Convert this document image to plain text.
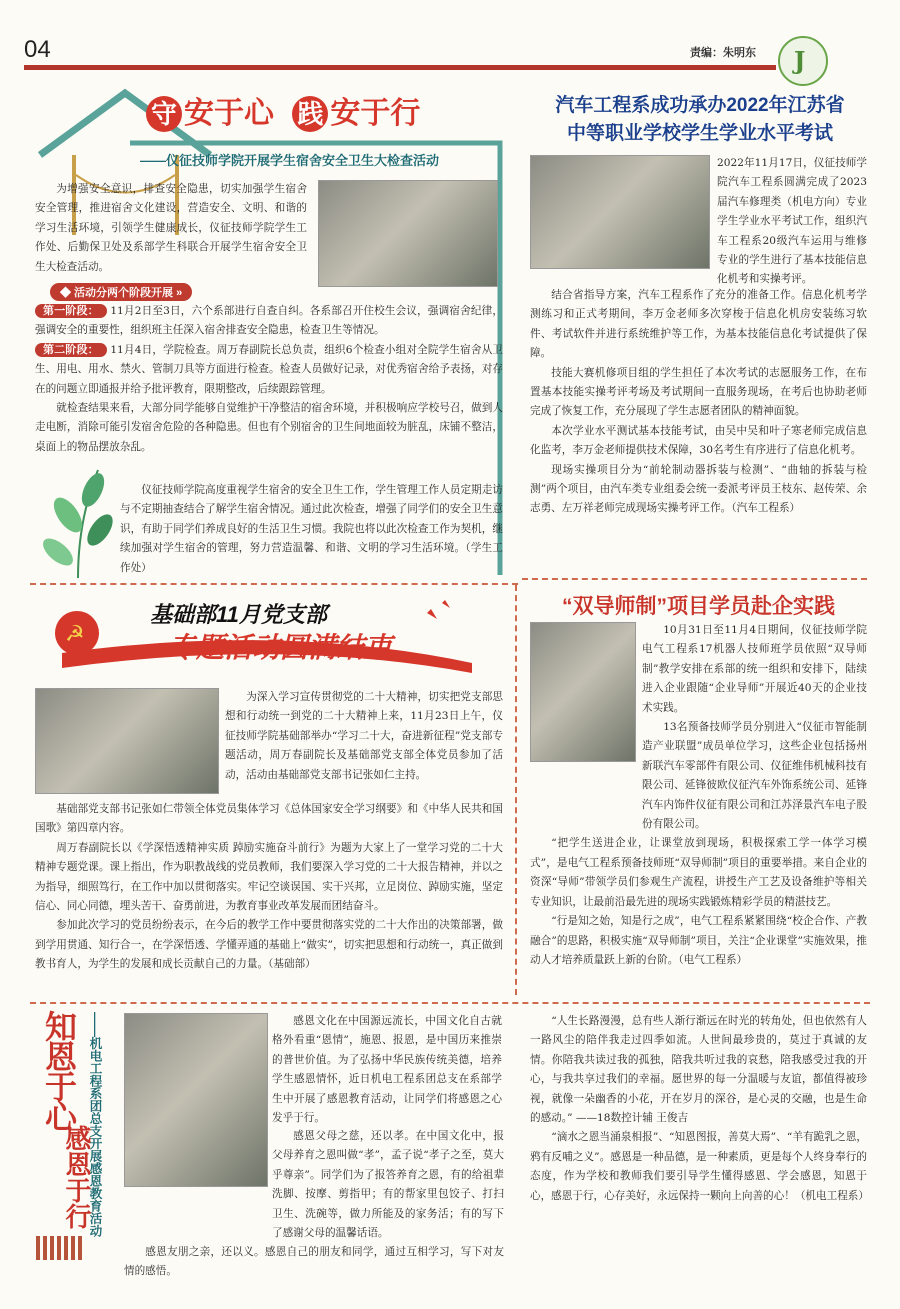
04	责编：朱明东 J
守 安于心 践 安于行
——仪征技师学院开展学生宿舍安全卫生大检查活动

为增强安全意识，排查安全隐患，切实加强学生宿舍安全管理，推进宿舍文化建设，营造安全、文明、和谐的学习生活环境，引领学生健康成长，仪征技师学院学生工作处、后勤保卫处及系部学生科联合开展学生宿舍安全卫生大检查活动。

◆ 活动分两个阶段开展 »

第一阶段： 11月2日至3日，六个系部进行自查自纠。各系部召开住校生会议，强调宿舍纪律，强调安全的重要性，组织班主任深入宿舍排查安全隐患，检查卫生等情况。

第二阶段： 11月4日，学院检查。周万春副院长总负责，组织6个检查小组对全院学生宿舍从卫生、用电、用水、禁火、管制刀具等方面进行检查。检查人员做好记录，对优秀宿舍给予表扬，对存在的问题立即通报并给予批评教育，限期整改，后续跟踪管理。

就检查结果来看，大部分同学能够自觉维护干净整洁的宿舍环境，并积极响应学校号召，做到人走电断，消除可能引发宿舍危险的各种隐患。但也有个别宿舍的卫生间地面较为脏乱，床铺不整洁，桌面上的物品摆放杂乱。

仪征技师学院高度重视学生宿舍的安全卫生工作，学生管理工作人员定期走访与不定期抽查结合了解学生宿舍情况。通过此次检查，增强了同学们的安全卫生意识，有助于同学们养成良好的生活卫生习惯。我院也将以此次检查工作为契机，继续加强对学生宿舍的管理，努力营造温馨、和谐、文明的学习生活环境。（学生工作处）

汽车工程系成功承办2022年江苏省
中等职业学校学生学业水平考试

2022年11月17日，仪征技师学院汽车工程系圆满完成了2023届汽车修理类（机电方向）专业学生学业水平考试工作，组织汽车工程系20级汽车运用与维修专业的学生进行了基本技能信息化机考和实操考评。

结合省指导方案，汽车工程系作了充分的准备工作。信息化机考学测练习和正式考期间，李万金老师多次穿梭于信息化机房安装练习软件、考试软件并进行系统维护等工作，为基本技能信息化考试提供了保障。

技能大赛机修项目组的学生担任了本次考试的志愿服务工作，在布置基本技能实操考评考场及考试期间一直服务现场，在考后也协助老师完成了恢复工作，充分展现了学生志愿者团队的精神面貌。

本次学业水平测试基本技能考试，由吴中吴和叶子寒老师完成信息化监考，李万金老师提供技术保障，30名考生有序进行了信息化机考。

现场实操项目分为“前轮制动器拆装与检测”、“曲轴的拆装与检测”两个项目，由汽车类专业组委会统一委派考评员王枝东、赵传荣、余志勇、左万祥老师完成现场实操考评工作。（汽车工程系）

☭
基础部11月党支部
专题活动圆满结束

为深入学习宣传贯彻党的二十大精神，切实把党支部思想和行动统一到党的二十大精神上来，11月23日上午，仪征技师学院基础部举办“学习二十大，奋进新征程”党支部专题活动，周万春副院长及基础部党支部全体党员参加了活动，活动由基础部党支部书记张如仁主持。

基础部党支部书记张如仁带领全体党员集体学习《总体国家安全学习纲要》和《中华人民共和国国歌》第四章内容。

周万春副院长以《学深悟透精神实质 踔励实施奋斗前行》为题为大家上了一堂学习党的二十大精神专题党课。课上指出，作为职教战线的党员教师，我们要深入学习党的二十大报告精神，并以之为指导，细照笃行，在工作中加以贯彻落实。牢记空谈误国、实干兴邦，立足岗位、踔励实施，坚定信心、同心同德，埋头苦干、奋勇前进，为教育事业改革发展而团结奋斗。

参加此次学习的党员纷纷表示，在今后的教学工作中要贯彻落实党的二十大作出的决策部署，做到学用贯通、知行合一，在学深悟透、学懂弄通的基础上“做实”，切实把思想和行动统一，真正做到教书育人，为学生的发展和成长贡献自己的力量。（基础部）

“双导师制”项目学员赴企实践

10月31日至11月4日期间，仪征技师学院电气工程系17机器人技师班学员依照“双导师制”教学安排在系部的统一组织和安排下，陆续进入企业跟随“企业导师”开展近40天的企业技术实践。

13名预备技师学员分别进入“仪征市智能制造产业联盟”成员单位学习，这些企业包括扬州新联汽车零部件有限公司、仪征维伟机械科技有限公司、延锋彼欧仪征汽车外饰系统公司、延锋汽车内饰件仪征有限公司和江苏泽景汽车电子股份有限公司。

“把学生送进企业，让课堂放到现场，积极探索工学一体学习模式”，是电气工程系预备技师班“双导师制”项目的重要举措。来自企业的资深“导师”带领学员们参观生产流程，讲授生产工艺及设备维护等相关专业知识，让最前沿最先进的现场实践锻炼精彩学员的精湛技艺。

“行是知之始，知是行之成”，电气工程系紧紧围绕“校企合作、产教融合”的思路，积极实施“双导师制”项目，关注“企业课堂”实施效果，推动人才培养质量跃上新的台阶。（电气工程系）

知恩于心
感恩于行
——机电工程系团总支开展感恩教育活动	感恩文化在中国源远流长，中国文化自古就格外看重“恩情”，施恩、报恩，是中国历来推崇的普世价值。为了弘扬中华民族传统美德，培养学生感恩情怀，近日机电工程系团总支在系部学生中开展了感恩教育活动，让同学们将感恩之心发乎于行。

感恩父母之慈，还以孝。在中国文化中，报父母养育之恩叫做“孝”，孟子说“孝子之至，莫大乎尊亲”。同学们为了报答养育之恩，有的给祖辈洗脚、按摩、剪指甲；有的帮家里包饺子、打扫卫生、洗碗等，做力所能及的家务活；有的写下了感谢父母的温馨话语。

感恩友朋之亲，还以义。感恩自己的朋友和同学，通过互相学习，写下对友情的感悟。

“人生长路漫漫，总有些人渐行渐远在时光的转角处，但也依然有人一路风尘的陪伴我走过四季如流。人世间最珍贵的，莫过于真诚的友情。你陪我共读过我的孤独，陪我共听过我的哀愁，陪我感受过我的开心，与我共享过我们的幸福。愿世界的每一分温暖与友谊，都值得被珍视，就像一朵幽香的小花，开在岁月的深谷，是心灵的交融，也是生命的感动。” ——18数控计辅 王俊吉

“滴水之恩当涌泉相报”、“知恩图报，善莫大焉”、“羊有跪乳之恩，鸦有反哺之义”。感恩是一种品德，是一种素质，更是每个人终身奉行的态度，作为学校和教师我们要引导学生懂得感恩、学会感恩，知恩于心，感恩于行，心存美好，永远保持一颗向上向善的心！（机电工程系）
